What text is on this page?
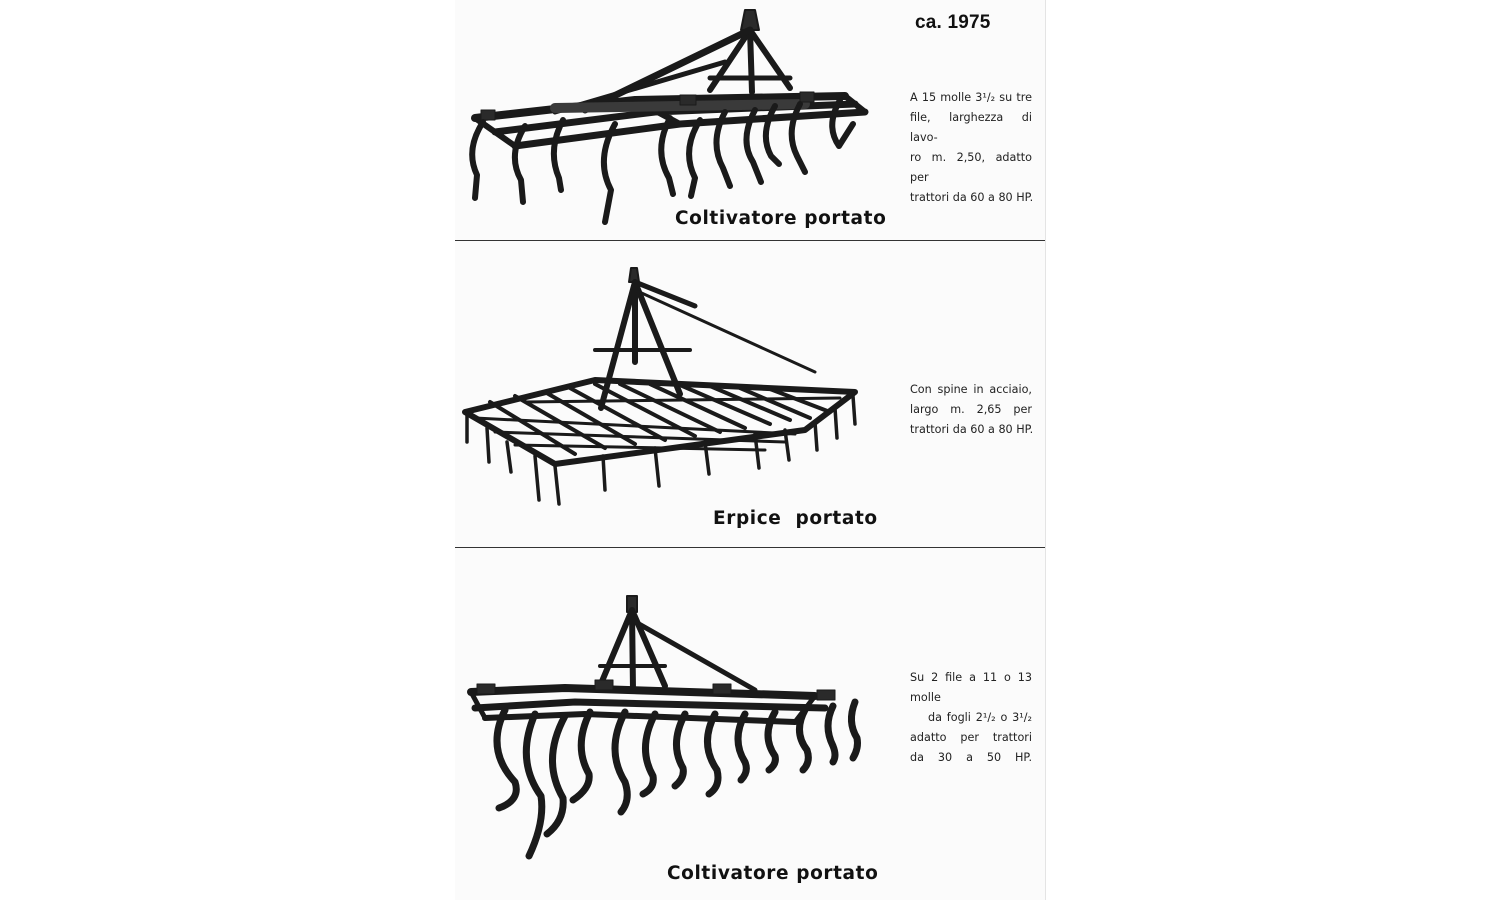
ca. 1975
A 15 molle 3¹/₂ su tre
file, larghezza di lavo-
ro m. 2,50, adatto per
trattori da 60 a 80 HP.
Coltivatore portato
Con spine in acciaio,
largo m. 2,65 per
trattori da 60 a 80 HP.
Erpice  portato
Su 2 file a 11 o 13 molle
da fogli 2¹/₂ o 3¹/₂
adatto per trattori
da 30 a 50 HP.
Coltivatore portato
